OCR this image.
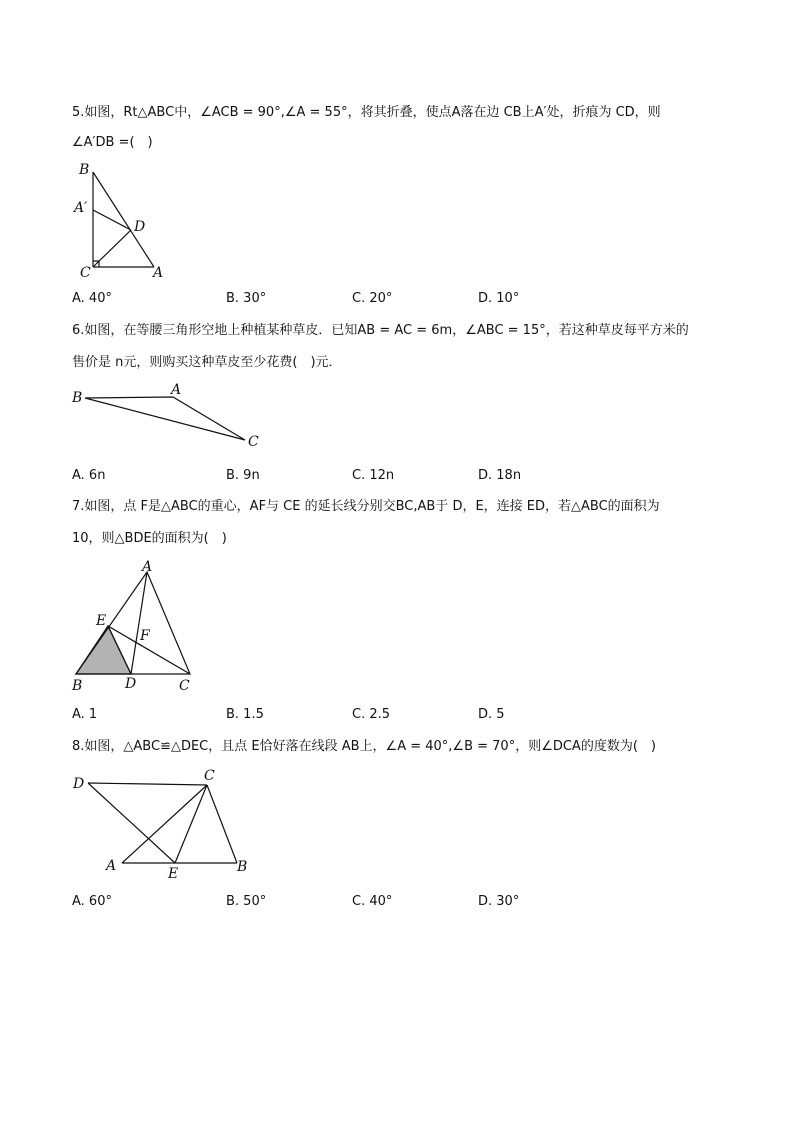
5.如图，Rt△ABC中，∠ACB = 90°,∠A = 55°，将其折叠，使点A落在边 CB上A′处，折痕为 CD，则
∠A′DB =(　)
B
A′
D
C	A
A. 40°	B. 30°	C. 20°	D. 10°
6.如图，在等腰三角形空地上种植某种草皮．已知AB = AC = 6m，∠ABC = 15°，若这种草皮每平方米的
售价是 n元，则购买这种草皮至少花费(　)元．
B	A
C
A. 6n	B. 9n	C. 12n	D. 18n
7.如图，点 F是△ABC的重心，AF与 CE 的延长线分别交BC,AB于 D，E，连接 ED，若△ABC的面积为
10，则△BDE的面积为(　)
A
E
F
B	D	C
A. 1	B. 1.5	C. 2.5	D. 5
8.如图，△ABC≌△DEC，且点 E恰好落在线段 AB上，∠A = 40°,∠B = 70°，则∠DCA的度数为(　)
D	C
A	E	B
A. 60°	B. 50°	C. 40°	D. 30°
